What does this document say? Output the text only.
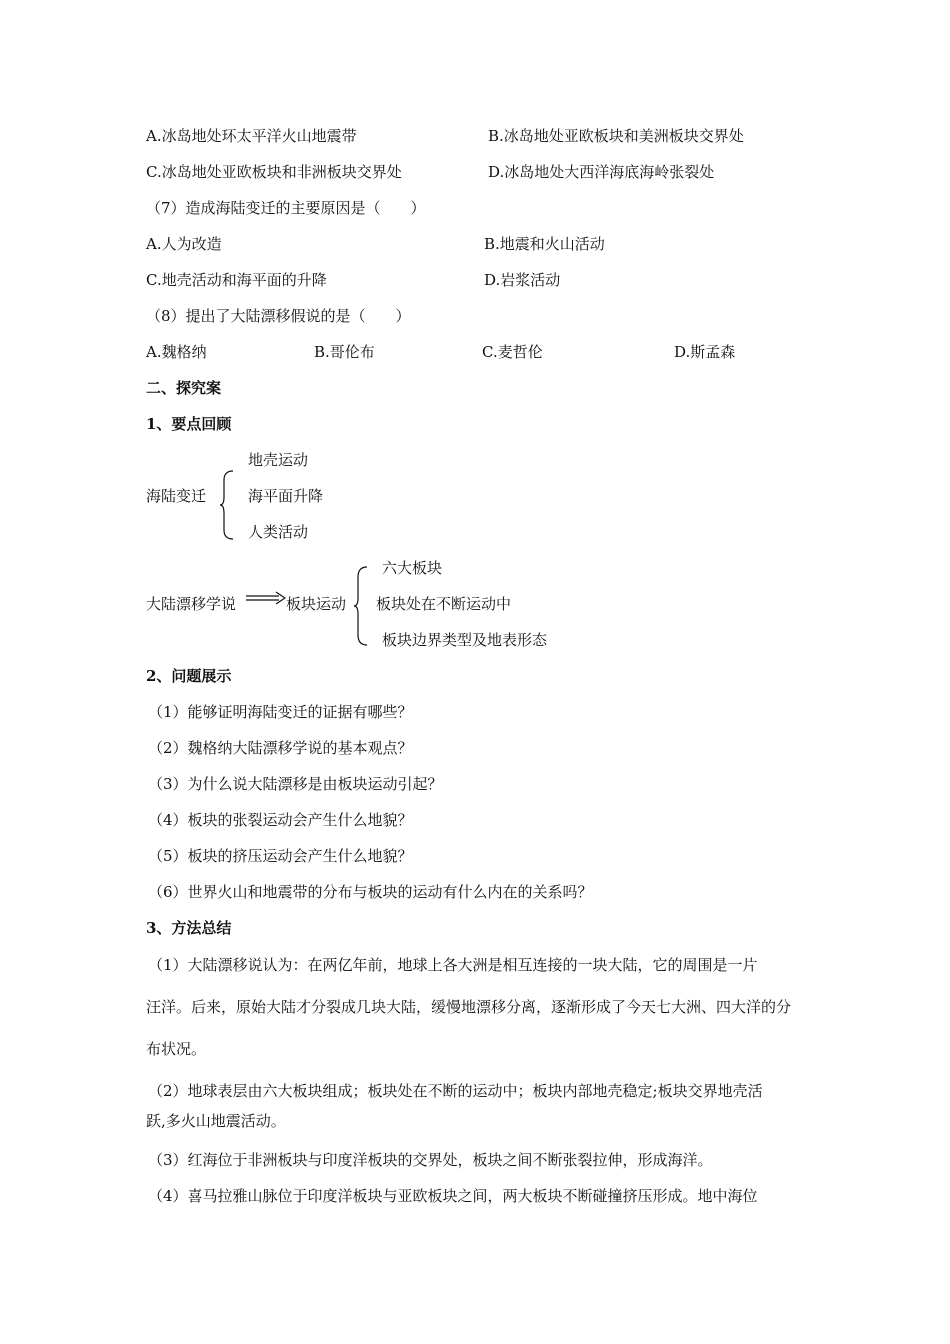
A.冰岛地处环太平洋火山地震带	B.冰岛地处亚欧板块和美洲板块交界处
C.冰岛地处亚欧板块和非洲板块交界处	D.冰岛地处大西洋海底海岭张裂处
（7）造成海陆变迁的主要原因是（　　）
A.人为改造	B.地震和火山活动
C.地壳活动和海平面的升降	D.岩浆活动
（8）提出了大陆漂移假说的是（　　）
A.魏格纳	B.哥伦布	C.麦哲伦	D.斯孟森
二、探究案
1、要点回顾
海陆变迁
地壳运动
海平面升降
人类活动
大陆漂移学说	板块运动
六大板块
板块处在不断运动中
板块边界类型及地表形态
2、问题展示
（1）能够证明海陆变迁的证据有哪些？
（2）魏格纳大陆漂移学说的基本观点？
（3）为什么说大陆漂移是由板块运动引起？
（4）板块的张裂运动会产生什么地貌？
（5）板块的挤压运动会产生什么地貌？
（6）世界火山和地震带的分布与板块的运动有什么内在的关系吗？
3、方法总结
（1）大陆漂移说认为：在两亿年前，地球上各大洲是相互连接的一块大陆，它的周围是一片
汪洋。后来，原始大陆才分裂成几块大陆，缓慢地漂移分离，逐渐形成了今天七大洲、四大洋的分
布状况。
（2）地球表层由六大板块组成；板块处在不断的运动中；板块内部地壳稳定;板块交界地壳活
跃,多火山地震活动。
（3）红海位于非洲板块与印度洋板块的交界处，板块之间不断张裂拉伸，形成海洋。
（4）喜马拉雅山脉位于印度洋板块与亚欧板块之间，两大板块不断碰撞挤压形成。地中海位
